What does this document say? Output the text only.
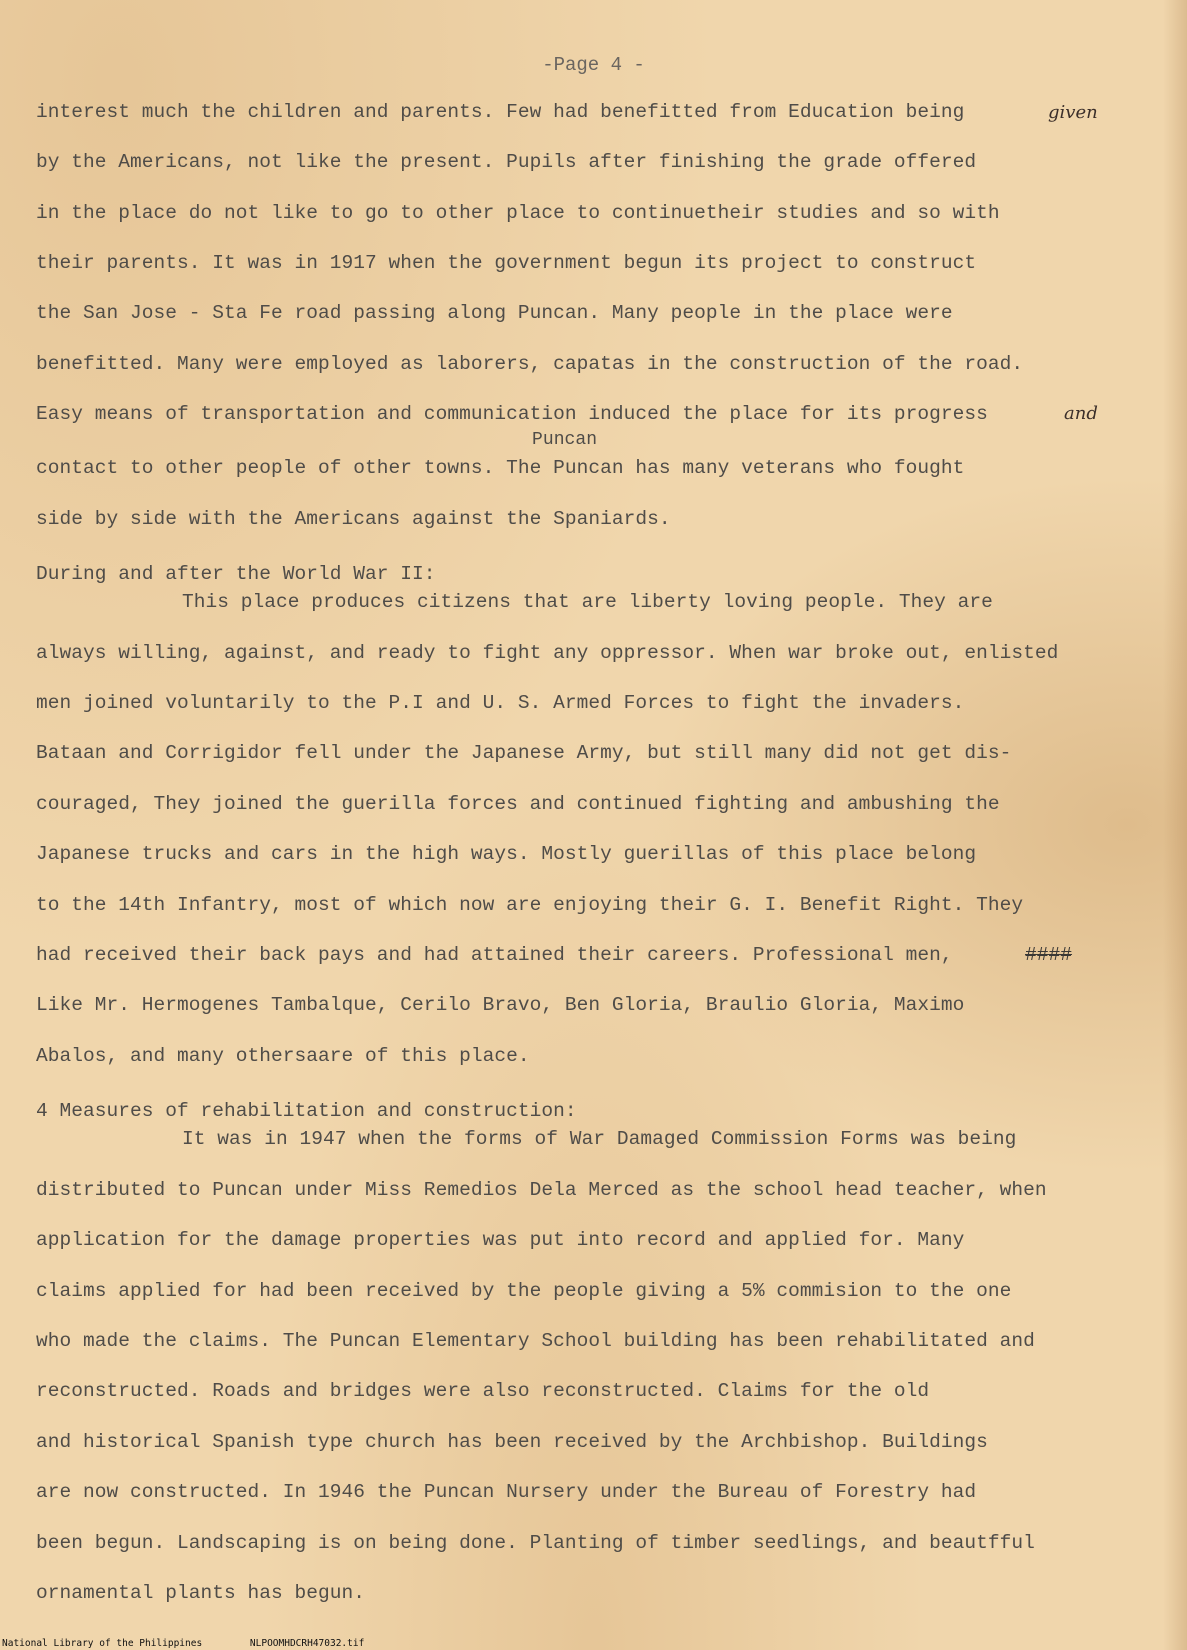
-Page 4 -
interest much the children and parents. Few had benefitted from Education being	given
by the Americans, not like the present. Pupils after finishing the grade offered
in the place do not like to go to other place to continuetheir studies and so with
their parents. It was in 1917 when the government begun its project to construct
the San Jose - Sta Fe road passing along Puncan. Many people in the place were
benefitted. Many were employed as laborers, capatas in the construction of the road.
Easy means of transportation and communication induced the place for its progress	and
Puncan
contact to other people of other towns. The Puncan has many veterans who fought
side by side with the Americans against the Spaniards.
During and after the World War II:
This place produces citizens that are liberty loving people. They are
always willing, against, and ready to fight any oppressor. When war broke out, enlisted
men joined voluntarily to the P.I and U. S. Armed Forces to fight the invaders.
Bataan and Corrigidor fell under the Japanese Army, but still many did not get dis-
couraged, They joined the guerilla forces and continued fighting and ambushing the
Japanese trucks and cars in the high ways. Mostly guerillas of this place belong
to the 14th Infantry, most of which now are enjoying their G. I. Benefit Right. They
had received their back pays and had attained their careers. Professional men,	####
Like Mr. Hermogenes Tambalque, Cerilo Bravo, Ben Gloria, Braulio Gloria, Maximo
Abalos, and many othersaare of this place.
4 Measures of rehabilitation and construction:
It was in 1947 when the forms of War Damaged Commission Forms was being
distributed to Puncan under Miss Remedios Dela Merced as the school head teacher, when
application for the damage properties was put into record and applied for. Many
claims applied for had been received by the people giving a 5% commision to the one
who made the claims. The Puncan Elementary School building has been rehabilitated and
reconstructed. Roads and bridges were also reconstructed. Claims for the old
and historical Spanish type church has been received by the Archbishop. Buildings
are now constructed. In 1946 the Puncan Nursery under the Bureau of Forestry had
been begun. Landscaping is on being done. Planting of timber seedlings, and beautfful
ornamental plants has begun.
National Library of the Philippines	NLPOOMHDCRH47032.tif
